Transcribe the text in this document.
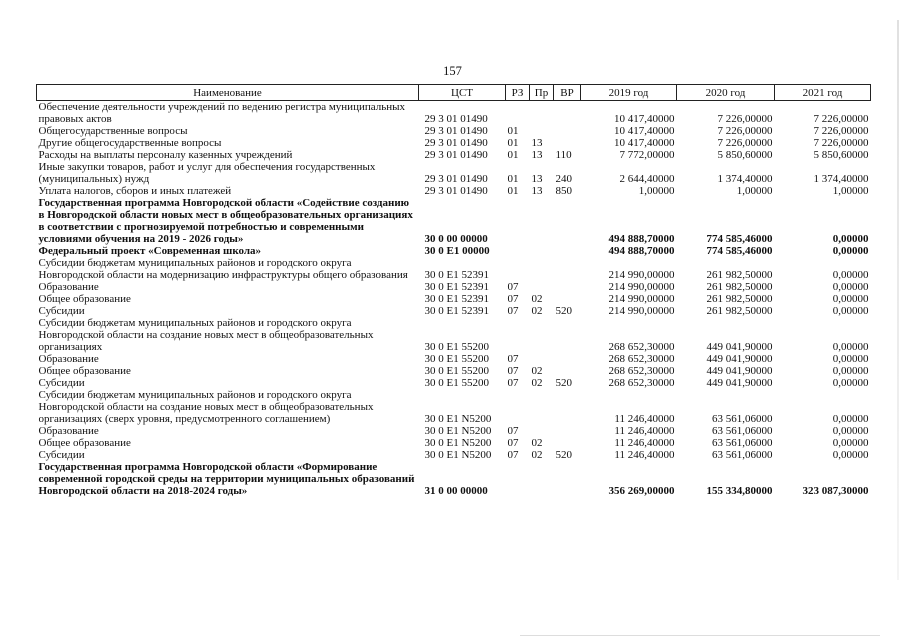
157
Наименование	ЦСТ	РЗ	Пр	ВР	2019 год	2020 год	2021 год
Обеспечение деятельности учреждений по ведению регистра муниципальных правовых актов	29 3 01 01490				10 417,40000	7 226,00000	7 226,00000
Общегосударственные вопросы	29 3 01 01490	01			10 417,40000	7 226,00000	7 226,00000
Другие общегосударственные вопросы	29 3 01 01490	01	13		10 417,40000	7 226,00000	7 226,00000
Расходы на выплаты персоналу казенных учреждений	29 3 01 01490	01	13	110	7 772,00000	5 850,60000	5 850,60000
Иные закупки товаров, работ и услуг для обеспечения государственных (муниципальных) нужд	29 3 01 01490	01	13	240	2 644,40000	1 374,40000	1 374,40000
Уплата налогов, сборов и иных платежей	29 3 01 01490	01	13	850	1,00000	1,00000	1,00000
Государственная программа Новгородской области «Содействие созданию в Новгородской области новых мест в общеобразовательных организациях в соответствии с прогнозируемой потребностью и современными условиями обучения на 2019 - 2026 годы»	30 0 00 00000				494 888,70000	774 585,46000	0,00000
Федеральный проект «Современная школа»	30 0 E1 00000				494 888,70000	774 585,46000	0,00000
Субсидии бюджетам муниципальных районов и городского округа Новгородской области на модернизацию инфраструктуры общего образования	30 0 E1 52391				214 990,00000	261 982,50000	0,00000
Образование	30 0 E1 52391	07			214 990,00000	261 982,50000	0,00000
Общее образование	30 0 E1 52391	07	02		214 990,00000	261 982,50000	0,00000
Субсидии	30 0 E1 52391	07	02	520	214 990,00000	261 982,50000	0,00000
Субсидии бюджетам муниципальных районов и городского округа Новгородской области на создание новых мест в общеобразовательных организациях	30 0 E1 55200				268 652,30000	449 041,90000	0,00000
Образование	30 0 E1 55200	07			268 652,30000	449 041,90000	0,00000
Общее образование	30 0 E1 55200	07	02		268 652,30000	449 041,90000	0,00000
Субсидии	30 0 E1 55200	07	02	520	268 652,30000	449 041,90000	0,00000
Субсидии бюджетам муниципальных районов и городского округа Новгородской области на создание новых мест в общеобразовательных организациях (сверх уровня, предусмотренного соглашением)	30 0 E1 N5200				11 246,40000	63 561,06000	0,00000
Образование	30 0 E1 N5200	07			11 246,40000	63 561,06000	0,00000
Общее образование	30 0 E1 N5200	07	02		11 246,40000	63 561,06000	0,00000
Субсидии	30 0 E1 N5200	07	02	520	11 246,40000	63 561,06000	0,00000
Государственная программа Новгородской области «Формирование современной городской среды на территории муниципальных образований Новгородской области на 2018-2024 годы»	31 0 00 00000				356 269,00000	155 334,80000	323 087,30000
